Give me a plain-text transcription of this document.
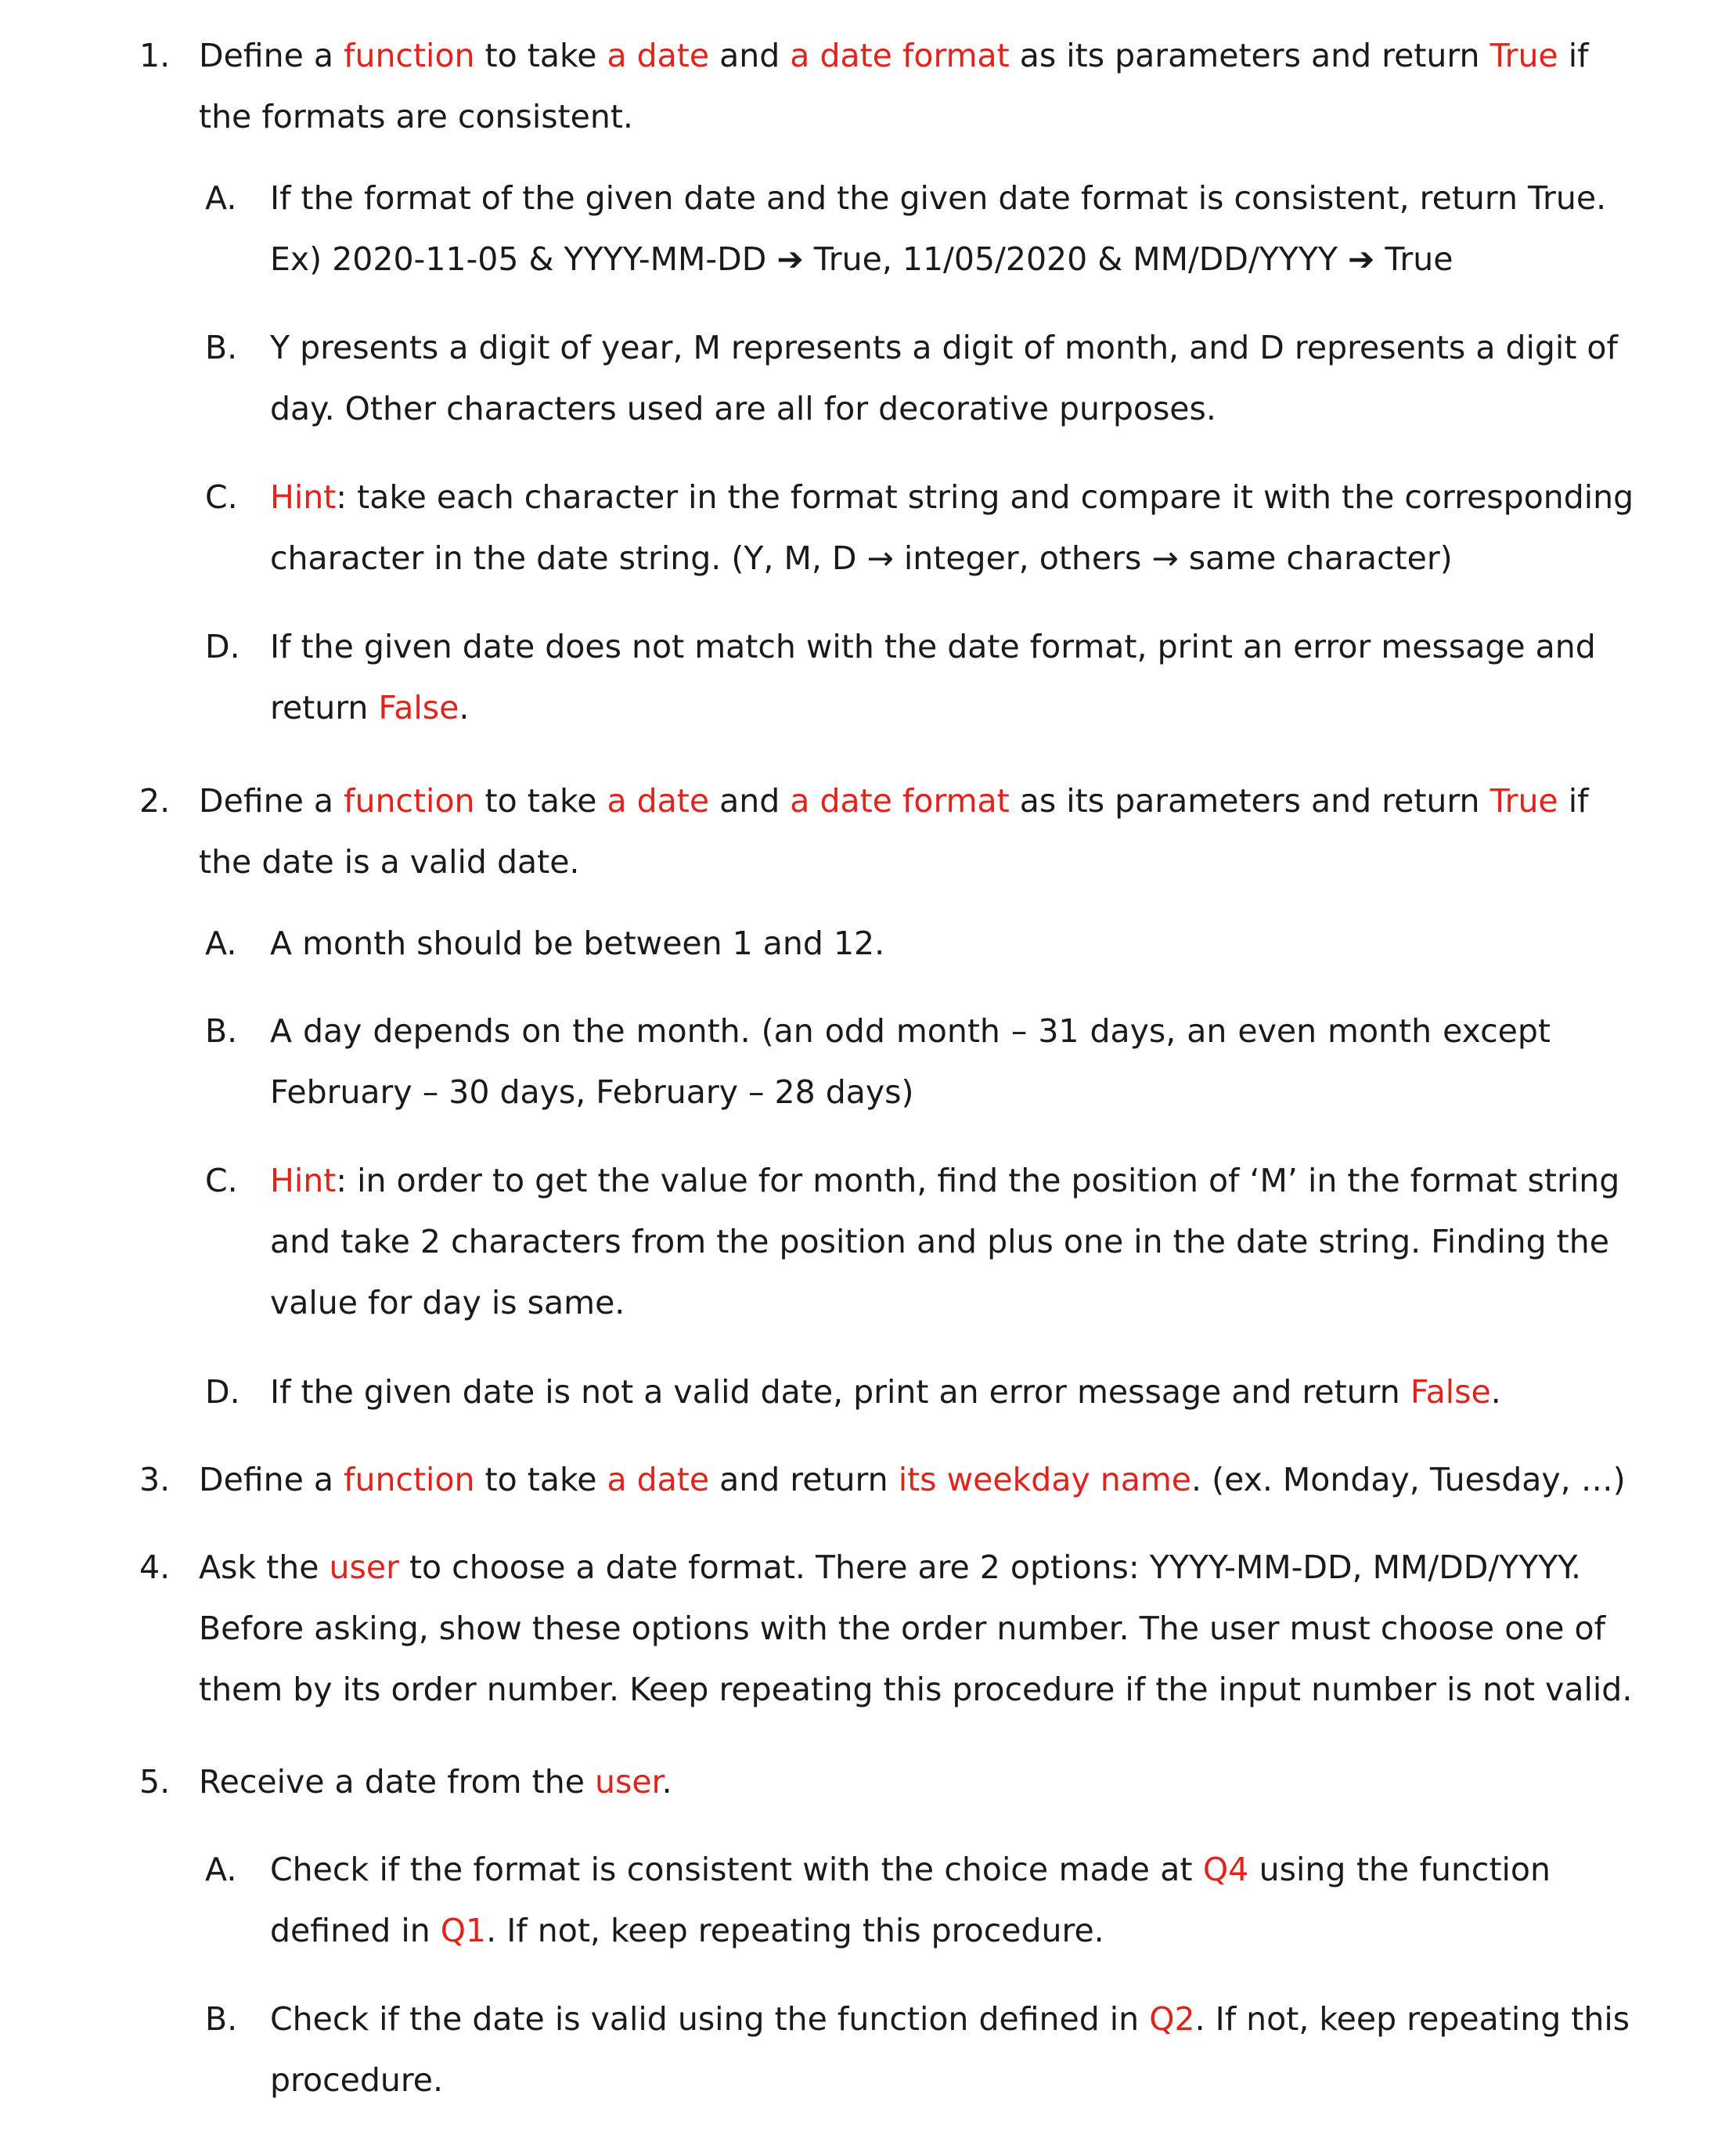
1. Define a function to take a date and a date format as its parameters and return True if
the formats are consistent.
A. If the format of the given date and the given date format is consistent, return True.
Ex) 2020-11-05 & YYYY-MM-DD ➔ True, 11/05/2020 & MM/DD/YYYY ➔ True
B. Y presents a digit of year, M represents a digit of month, and D represents a digit of
day. Other characters used are all for decorative purposes.
C. Hint: take each character in the format string and compare it with the corresponding
character in the date string. (Y, M, D → integer, others → same character)
D. If the given date does not match with the date format, print an error message and
return False.
2. Define a function to take a date and a date format as its parameters and return True if
the date is a valid date.
A. A month should be between 1 and 12.
B. A day depends on the month. (an odd month – 31 days, an even month except
February – 30 days, February – 28 days)
C. Hint: in order to get the value for month, find the position of ‘M’ in the format string
and take 2 characters from the position and plus one in the date string. Finding the
value for day is same.
D. If the given date is not a valid date, print an error message and return False.
3. Define a function to take a date and return its weekday name. (ex. Monday, Tuesday, …)
4. Ask the user to choose a date format. There are 2 options: YYYY-MM-DD, MM/DD/YYYY.
Before asking, show these options with the order number. The user must choose one of
them by its order number. Keep repeating this procedure if the input number is not valid.
5. Receive a date from the user.
A. Check if the format is consistent with the choice made at Q4 using the function
defined in Q1. If not, keep repeating this procedure.
B. Check if the date is valid using the function defined in Q2. If not, keep repeating this
procedure.
